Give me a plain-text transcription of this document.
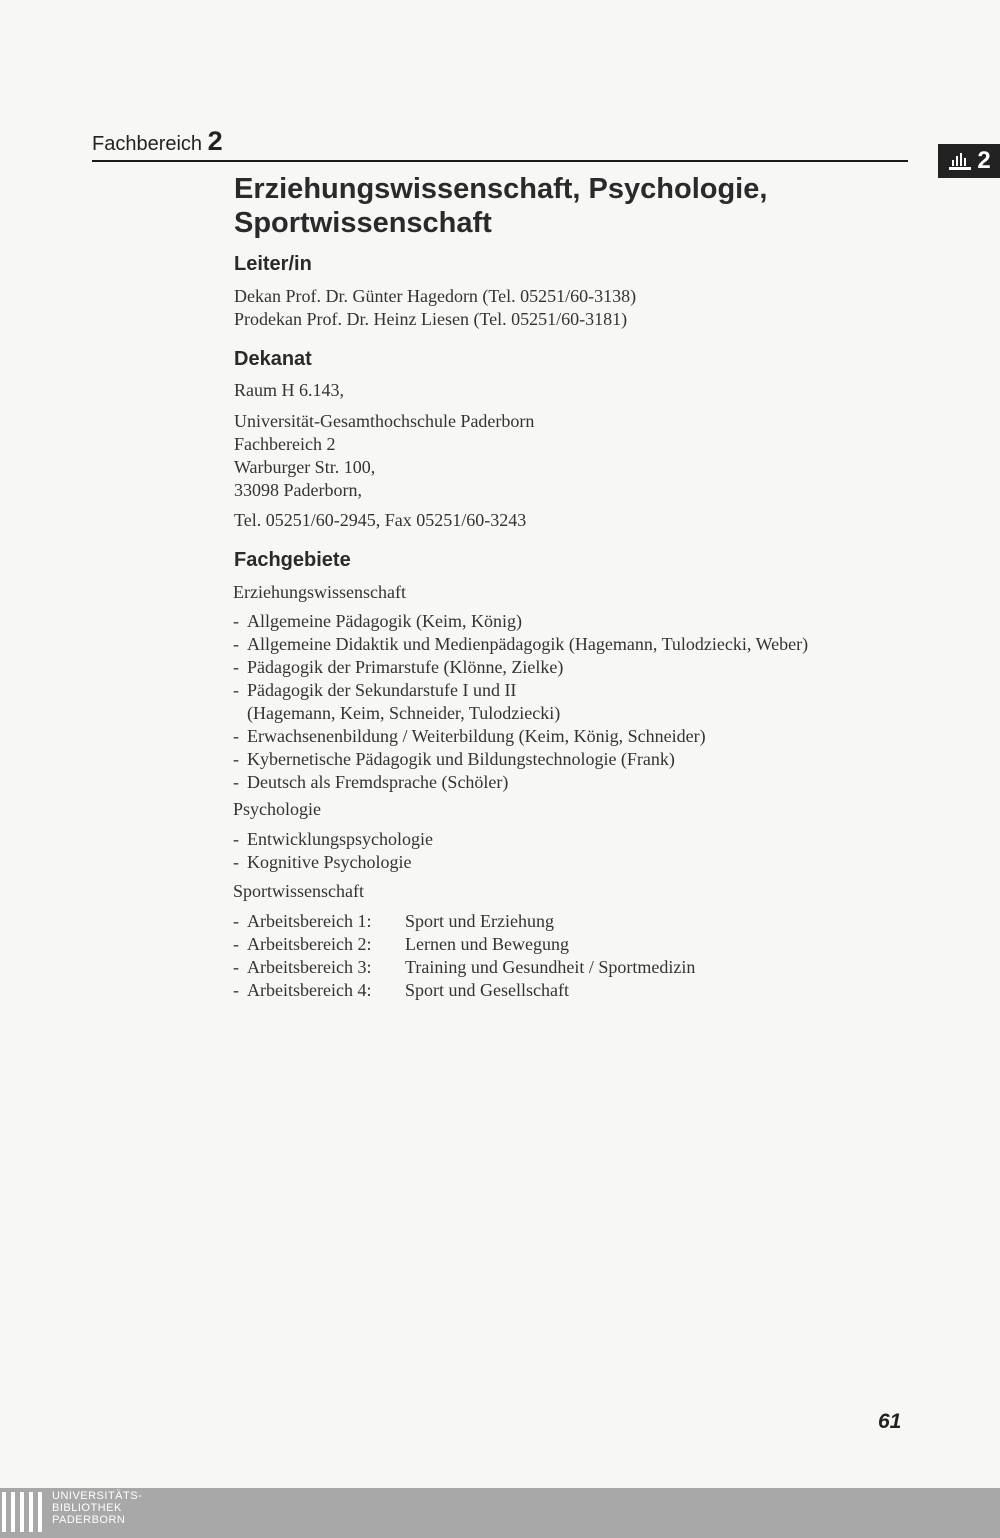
Fachbereich 2
2
Erziehungswissenschaft, Psychologie,
Sportwissenschaft
Leiter/in
Dekan Prof. Dr. Günter Hagedorn (Tel. 05251/60-3138)
Prodekan Prof. Dr. Heinz Liesen (Tel. 05251/60-3181)
Dekanat
Raum H 6.143,
Universität-Gesamthochschule Paderborn
Fachbereich 2
Warburger Str. 100,
33098 Paderborn,
Tel. 05251/60-2945, Fax 05251/60-3243
Fachgebiete
Erziehungswissenschaft
- Allgemeine Pädagogik (Keim, König)
- Allgemeine Didaktik und Medienpädagogik (Hagemann, Tulodziecki, Weber)
- Pädagogik der Primarstufe (Klönne, Zielke)
- Pädagogik der Sekundarstufe I und II
(Hagemann, Keim, Schneider, Tulodziecki)
- Erwachsenenbildung / Weiterbildung (Keim, König, Schneider)
- Kybernetische Pädagogik und Bildungstechnologie (Frank)
- Deutsch als Fremdsprache (Schöler)
Psychologie
- Entwicklungspsychologie
- Kognitive Psychologie
Sportwissenschaft
- Arbeitsbereich 1:	Sport und Erziehung
- Arbeitsbereich 2:	Lernen und Bewegung
- Arbeitsbereich 3:	Training und Gesundheit / Sportmedizin
- Arbeitsbereich 4:	Sport und Gesellschaft
61
UNIVERSITÄTS-
BIBLIOTHEK
PADERBORN
